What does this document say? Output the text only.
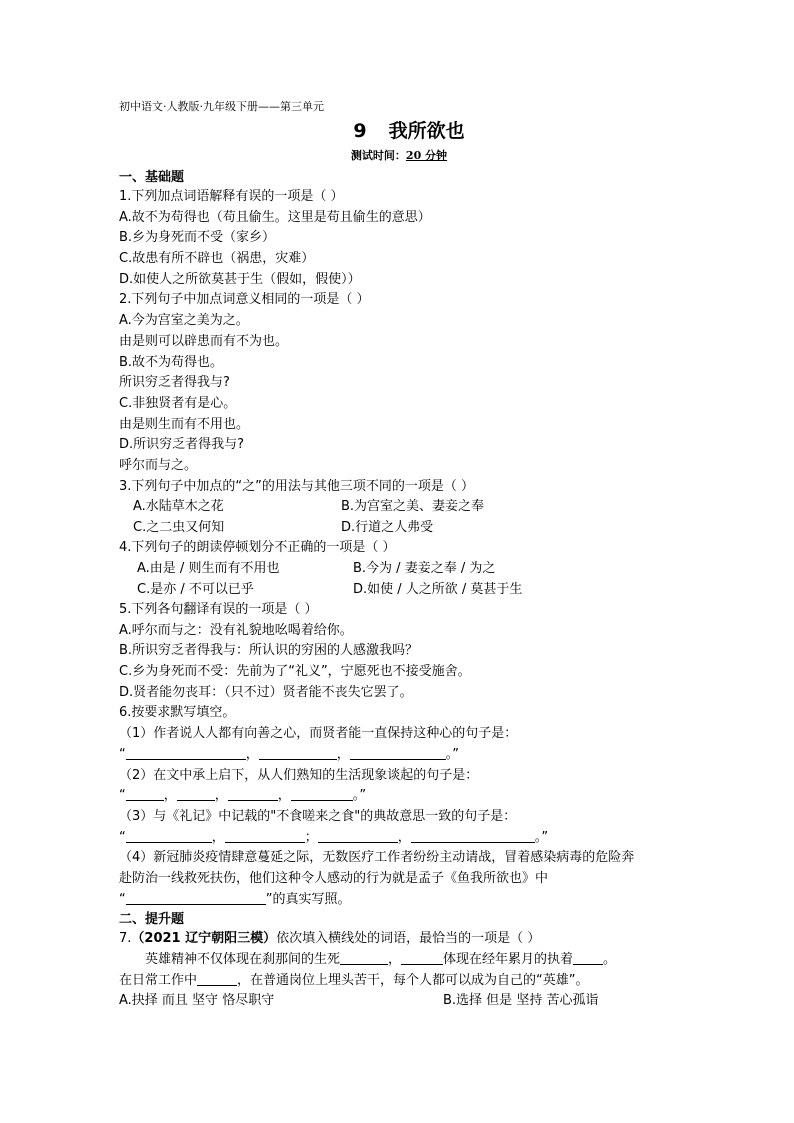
初中语文·人教版·九年级下册——第三单元
9 我所欲也
测试时间：20 分钟
一、基础题
1.下列加点词语解释有误的一项是（ ）
A.故不为苟得也（苟且偷生。这里是苟且偷生的意思）
B.乡为身死而不受（家乡）
C.故患有所不辟也（祸患，灾难）
D.如使人之所欲莫甚于生（假如，假使））
2.下列句子中加点词意义相同的一项是（ ）
A.今为宫室之美为之。
由是则可以辟患而有不为也。
B.故不为苟得也。
所识穷乏者得我与?
C.非独贤者有是心。
由是则生而有不用也。
D.所识穷乏者得我与?
呼尔而与之。
3.下列句子中加点的“之”的用法与其他三项不同的一项是（ ）
A.水陆草木之花	B.为宫室之美、妻妾之奉
C.之二虫又何知	D.行道之人弗受
4.下列句子的朗读停顿划分不正确的一项是（ ）
A.由是 / 则生而有不用也	B.今为 / 妻妾之奉 / 为之
C.是亦 / 不可以已乎	D.如使 / 人之所欲 / 莫甚于生
5.下列各句翻译有误的一项是（ ）
A.呼尔而与之：没有礼貌地吆喝着给你。
B.所识穷乏者得我与：所认识的穷困的人感激我吗？
C.乡为身死而不受：先前为了“礼义”，宁愿死也不接受施舍。
D.贤者能勿丧耳：（只不过）贤者能不丧失它罢了。
6.按要求默写填空。
（1）作者说人人都有向善之心，而贤者能一直保持这种心的句子是：
“	，	，	。”
（2）在文中承上启下，从人们熟知的生活现象谈起的句子是：
“	，	，	，	。”
（3）与《礼记》中记载的"不食嗟来之食"的典故意思一致的句子是：
“	，	；	，	。”
（4）新冠肺炎疫情肆意蔓延之际，无数医疗工作者纷纷主动请战，冒着感染病毒的危险奔
赴防治一线救死扶伤，他们这种令人感动的行为就是孟子《鱼我所欲也》中
“	”的真实写照。
二、提升题
7.（2021 辽宁朝阳三模）依次填入横线处的词语，最恰当的一项是（ ）
英雄精神不仅体现在刹那间的生死	，	体现在经年累月的执着 。
在日常工作中	，在普通岗位上埋头苦干，每个人都可以成为自己的“英雄”。
A.抉择 而且 坚守 恪尽职守	B.选择 但是 坚持 苦心孤诣
